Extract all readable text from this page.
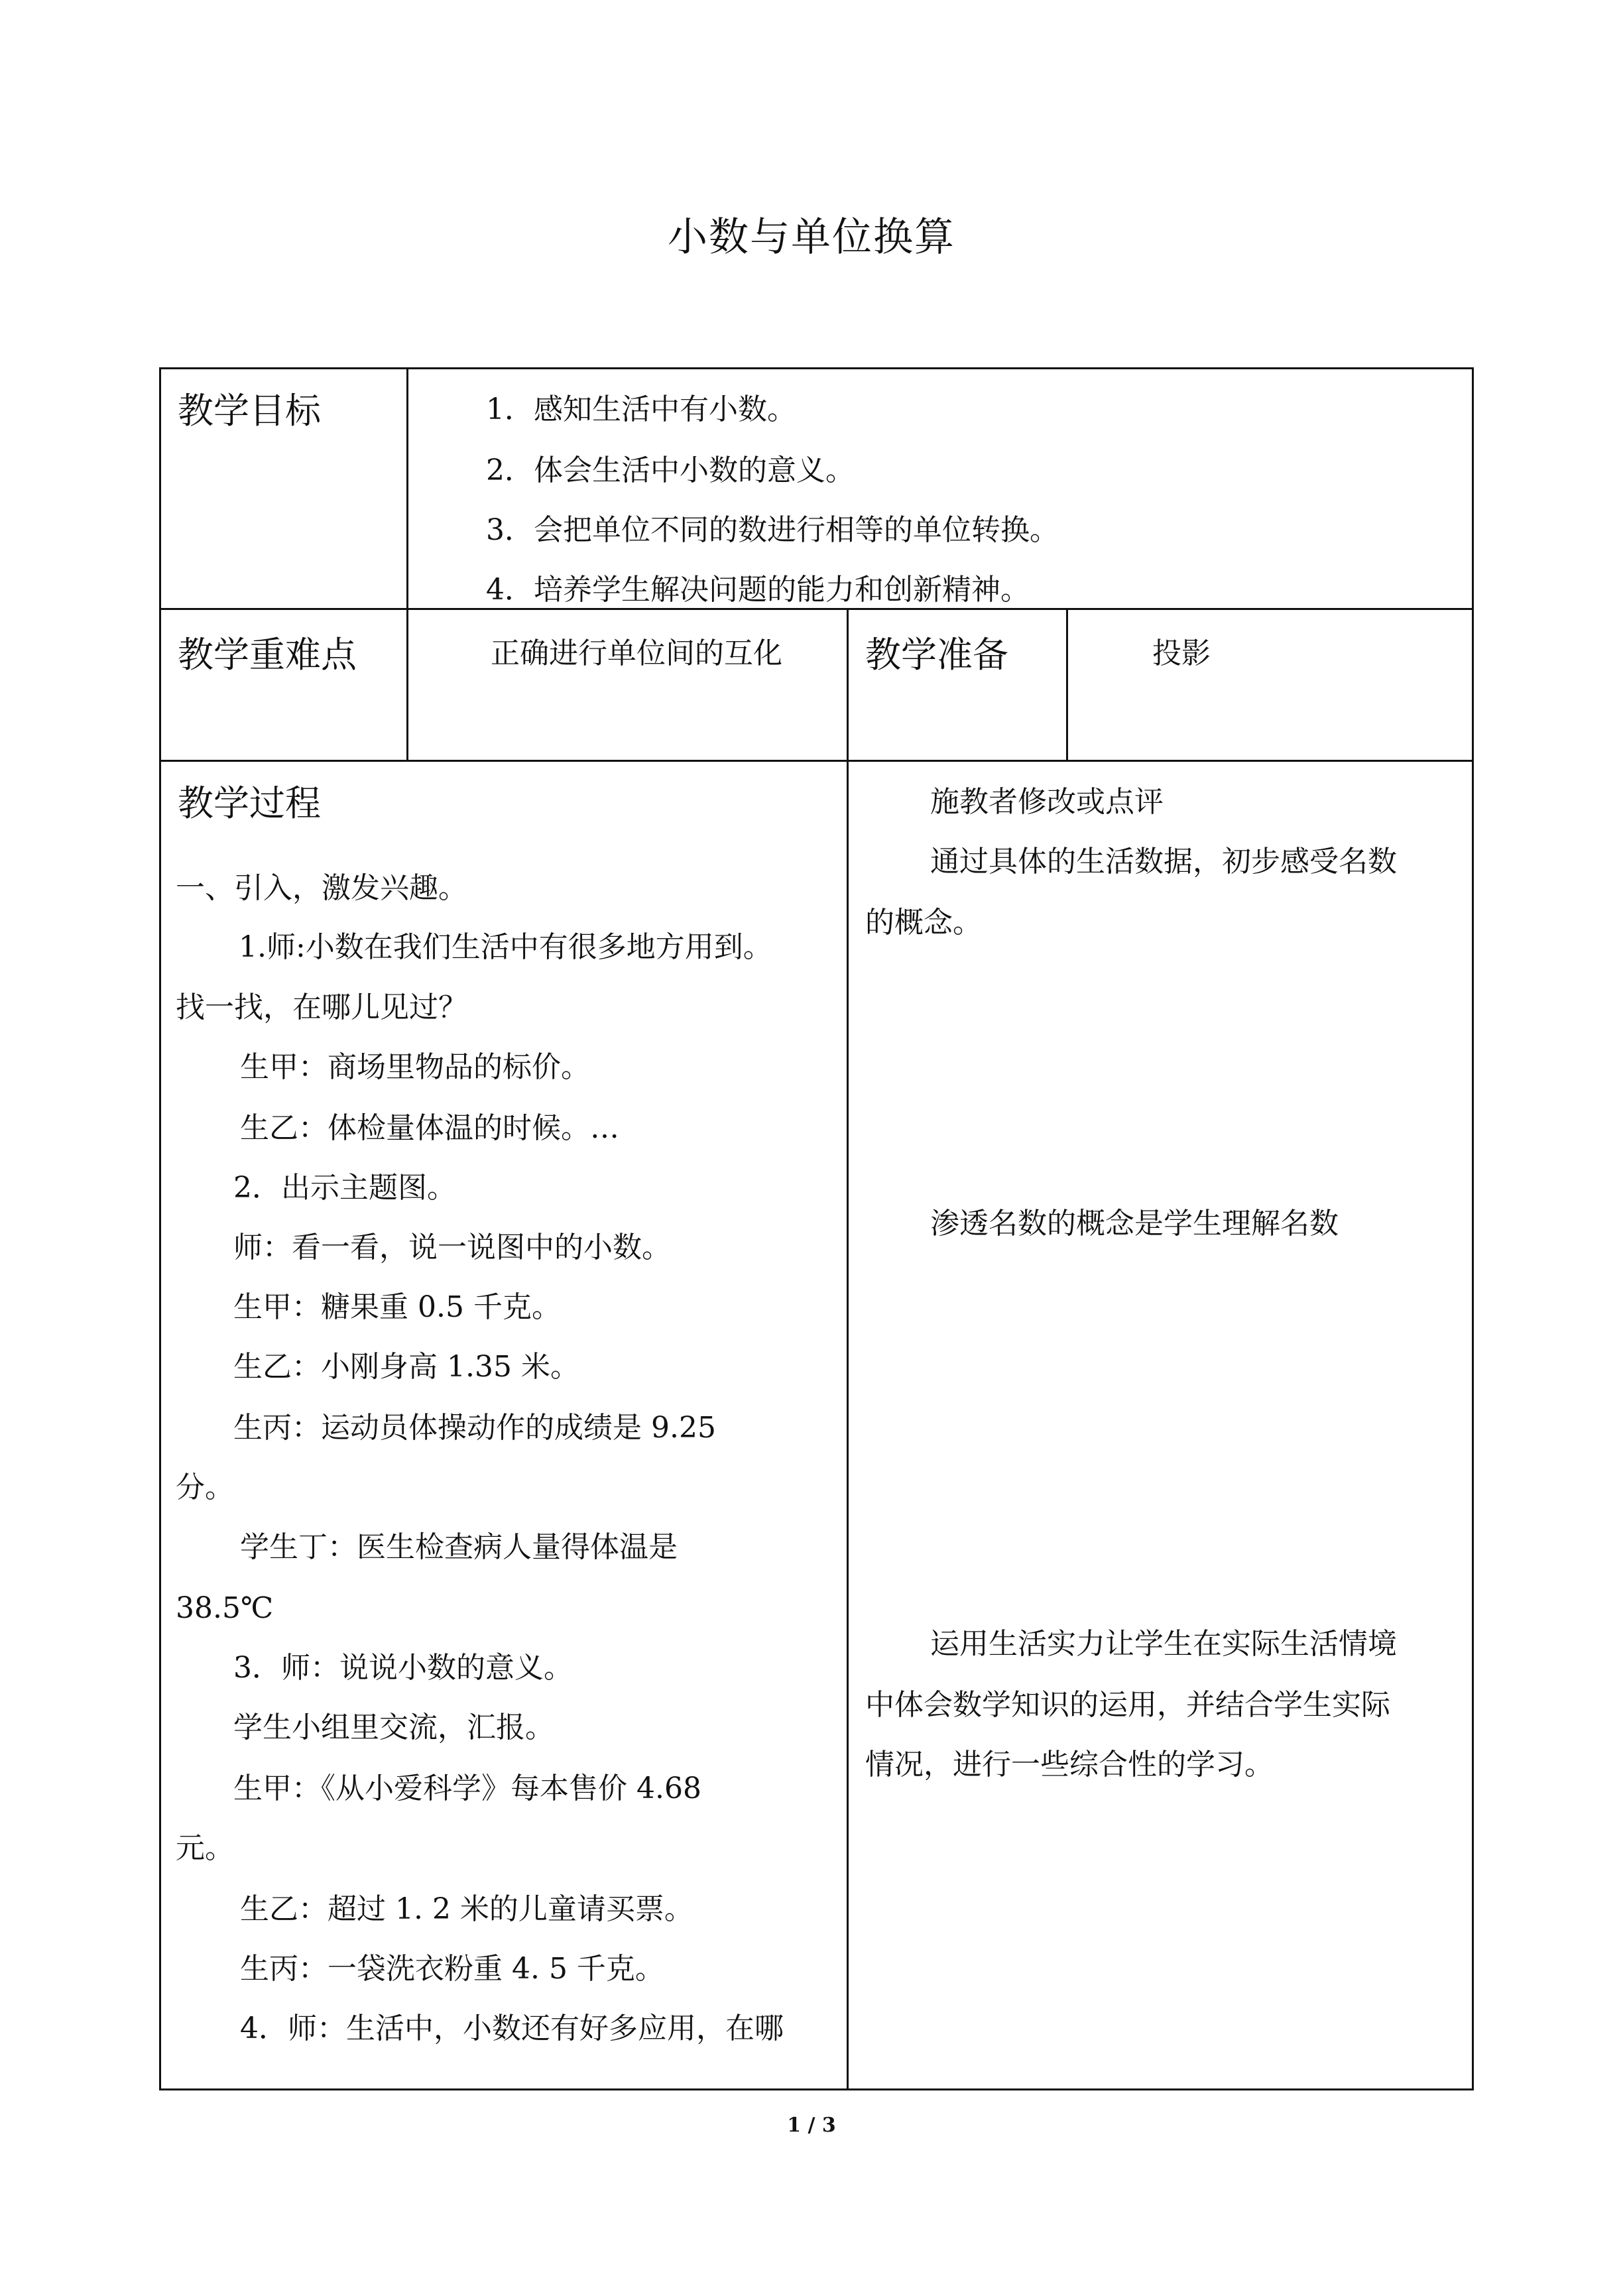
小数与单位换算
教学目标	1．感知生活中有小数。
2．体会生活中小数的意义。
3．会把单位不同的数进行相等的单位转换。
4．培养学生解决问题的能力和创新精神。
教学重难点	正确进行单位间的互化 教学准备	投影
教学过程
一、引入，激发兴趣。
1.师:小数在我们生活中有很多地方用到。
找一找，在哪儿见过？
生甲：商场里物品的标价。
生乙：体检量体温的时候。…
2．出示主题图。
师：看一看，说一说图中的小数。
生甲：糖果重 0.5 千克。
生乙：小刚身高 1.35 米。
生丙：运动员体操动作的成绩是 9.25
分。
学生丁：医生检查病人量得体温是
38.5℃
3．师：说说小数的意义。
学生小组里交流，汇报。
生甲：《从小爱科学》每本售价 4.68
元。
生乙：超过 1. 2 米的儿童请买票。
生丙：一袋洗衣粉重 4. 5 千克。
4．师：生活中，小数还有好多应用，在哪
施教者修改或点评
通过具体的生活数据，初步感受名数
的概念。
渗透名数的概念是学生理解名数
运用生活实力让学生在实际生活情境
中体会数学知识的运用，并结合学生实际
情况，进行一些综合性的学习。
1 / 3
